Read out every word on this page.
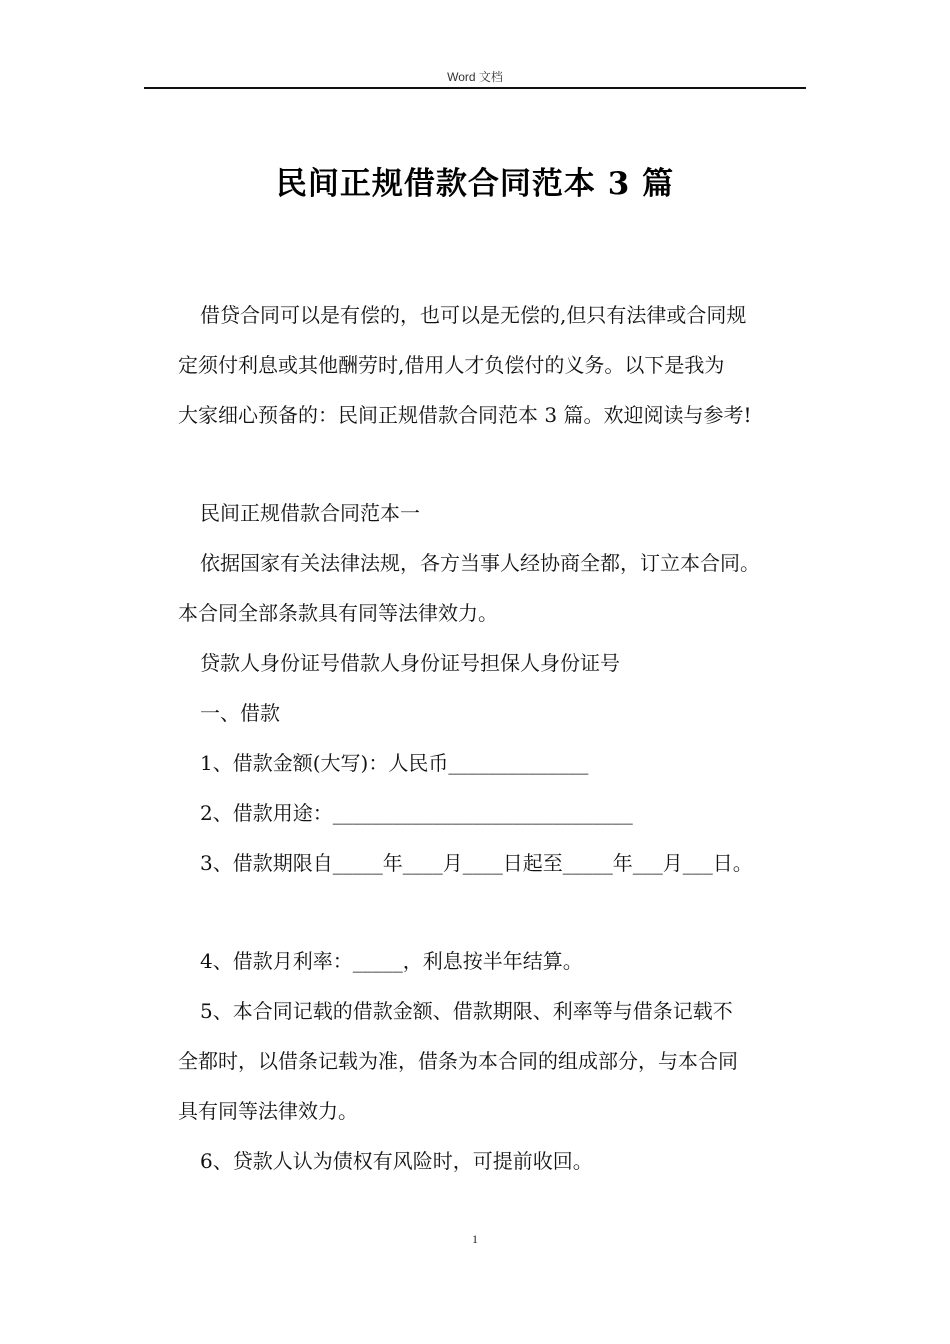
Word 文档
民间正规借款合同范本 3 篇
借贷合同可以是有偿的，也可以是无偿的,但只有法律或合同规
定须付利息或其他酬劳时,借用人才负偿付的义务。以下是我为
大家细心预备的：民间正规借款合同范本 3 篇。欢迎阅读与参考!
民间正规借款合同范本一
依据国家有关法律法规，各方当事人经协商全都，订立本合同。
本合同全部条款具有同等法律效力。
贷款人身份证号借款人身份证号担保人身份证号
一、借款
1、借款金额(大写)：人民币______________
2、借款用途：______________________________
3、借款期限自_____年____月____日起至_____年___月___日。
4、借款月利率：_____，利息按半年结算。
5、本合同记载的借款金额、借款期限、利率等与借条记载不
全都时，以借条记载为准，借条为本合同的组成部分，与本合同
具有同等法律效力。
6、贷款人认为债权有风险时，可提前收回。
1
